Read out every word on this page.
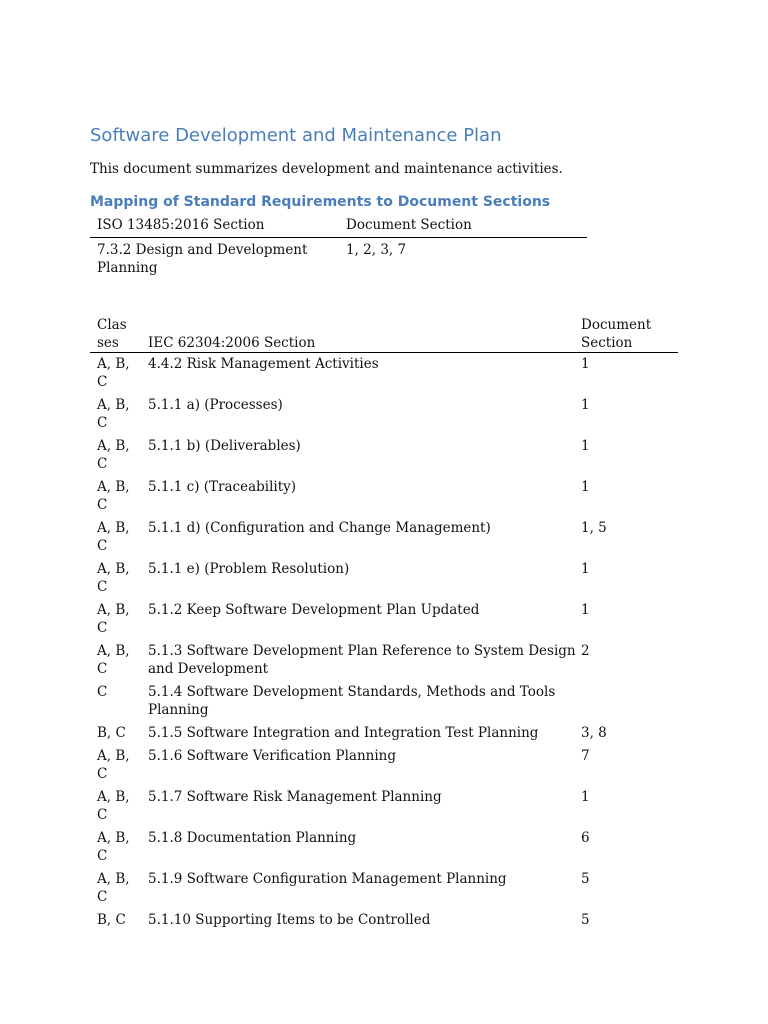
Software Development and Maintenance Plan

This document summarizes development and maintenance activities.

Mapping of Standard Requirements to Document Sections
ISO 13485:2016 Section	Document Section
7.3.2 Design and Development Planning	1, 2, 3, 7
Classes	IEC 62304:2006 Section	Document Section
A, B, C	4.4.2 Risk Management Activities	1
A, B, C	5.1.1 a) (Processes)	1
A, B, C	5.1.1 b) (Deliverables)	1
A, B, C	5.1.1 c) (Traceability)	1
A, B, C	5.1.1 d) (Configuration and Change Management)	1, 5
A, B, C	5.1.1 e) (Problem Resolution)	1
A, B, C	5.1.2 Keep Software Development Plan Updated	1
A, B, C	5.1.3 Software Development Plan Reference to System Design and Development	2
C	5.1.4 Software Development Standards, Methods and Tools Planning	
B, C	5.1.5 Software Integration and Integration Test Planning	3, 8
A, B, C	5.1.6 Software Verification Planning	7
A, B, C	5.1.7 Software Risk Management Planning	1
A, B, C	5.1.8 Documentation Planning	6
A, B, C	5.1.9 Software Configuration Management Planning	5
B, C	5.1.10 Supporting Items to be Controlled	5
